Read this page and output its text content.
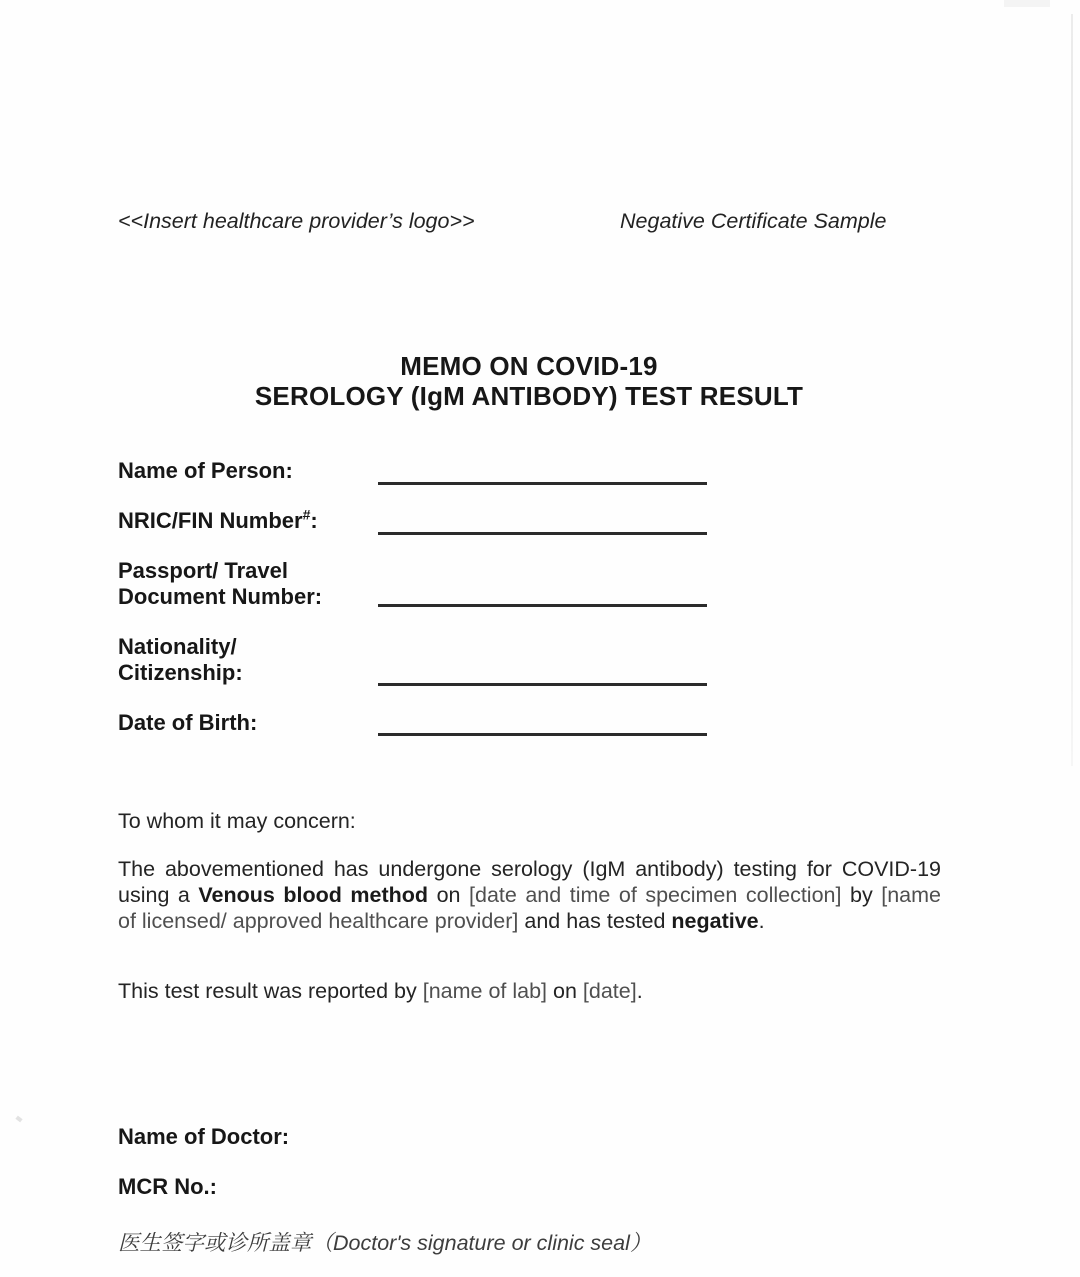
<<Insert healthcare provider’s logo>>	Negative Certificate Sample
MEMO ON COVID-19
SEROLOGY (IgM ANTIBODY) TEST RESULT
Name of Person:
NRIC/FIN Number#:
Passport/ Travel
Document Number:
Nationality/
Citizenship:
Date of Birth:
To whom it may concern:
The abovementioned has undergone serology (IgM antibody) testing for COVID-19
using a Venous blood method on [date and time of specimen collection] by [name
of licensed/ approved healthcare provider] and has tested negative.
This test result was reported by [name of lab] on [date].
Name of Doctor:
MCR No.:
医生签字或诊所盖章（Doctor's signature or clinic seal）
